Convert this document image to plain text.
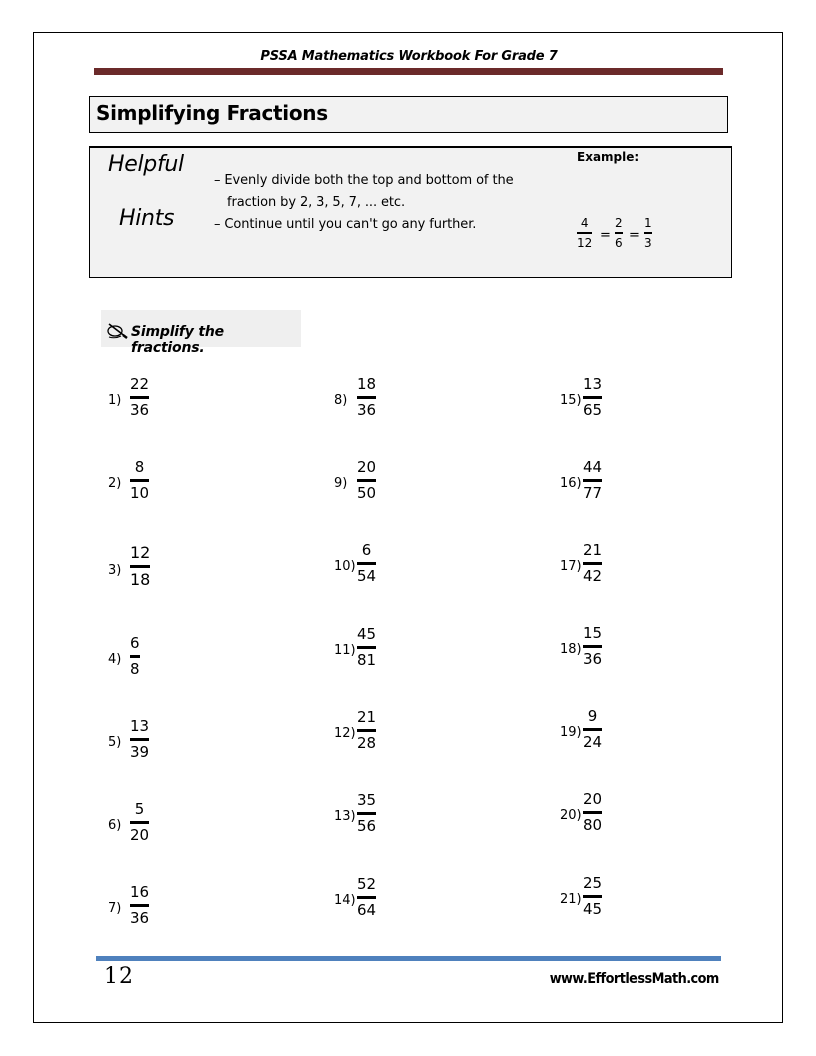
PSSA Mathematics Workbook For Grade 7
Simplifying Fractions
Helpful
Hints
– Evenly divide both the top and bottom of the
fraction by 2, 3, 5, 7, ... etc.
– Continue until you can't go any further.
Example:
4
12 =
2
6 =
1
3
Simplify the fractions.
1)
22
36
2)
8
10
3)
12
18
4)
6
8
5)
13
39
6)
5
20
7)
16
36
8)
18
36
9)
20
50
10)
6
54
11)
45
81
12)
21
28
13)
35
56
14)
52
64
15)
13
65
16)
44
77
17)
21
42
18)
15
36
19)
9
24
20)
20
80
21)
25
45
12	www.EffortlessMath.com
